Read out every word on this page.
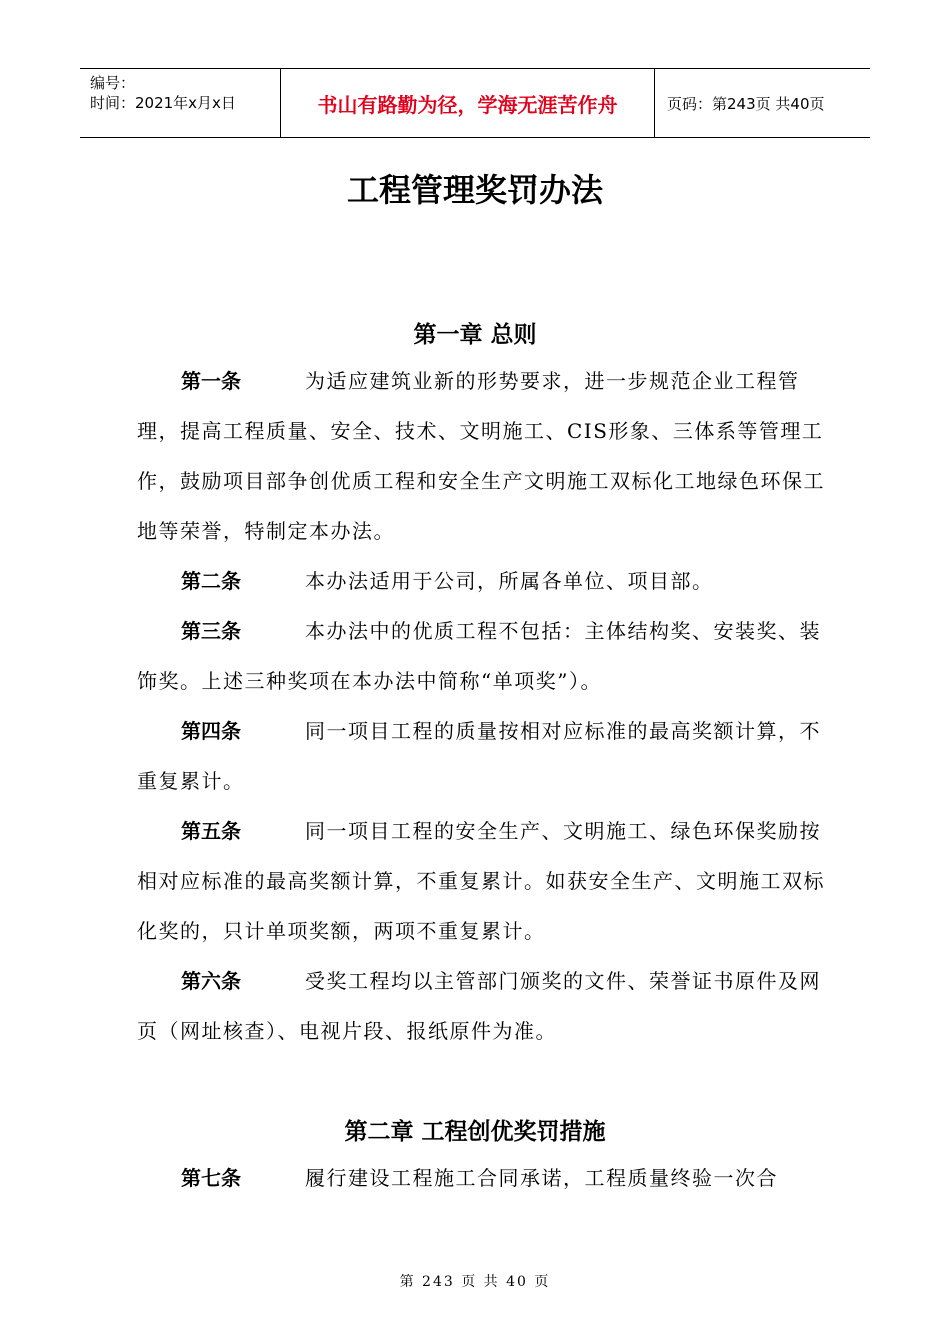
编号：
时间：2021年x月x日	书山有路勤为径，学海无涯苦作舟	页码：第243页 共40页
工程管理奖罚办法
第一章 总则

第一条	为适应建筑业新的形势要求，进一步规范企业工程管理，提高工程质量、安全、技术、文明施工、CIS形象、三体系等管理工作，鼓励项目部争创优质工程和安全生产文明施工双标化工地绿色环保工地等荣誉，特制定本办法。

第二条	本办法适用于公司，所属各单位、项目部。

第三条	本办法中的优质工程不包括：主体结构奖、安装奖、装饰奖。上述三种奖项在本办法中简称“单项奖”）。

第四条	同一项目工程的质量按相对应标准的最高奖额计算，不重复累计。

第五条	同一项目工程的安全生产、文明施工、绿色环保奖励按相对应标准的最高奖额计算，不重复累计。如获安全生产、文明施工双标化奖的，只计单项奖额，两项不重复累计。

第六条	受奖工程均以主管部门颁奖的文件、荣誉证书原件及网页（网址核查）、电视片段、报纸原件为准。

第二章 工程创优奖罚措施

第七条	履行建设工程施工合同承诺，工程质量终验一次合

第 243 页 共 40 页
